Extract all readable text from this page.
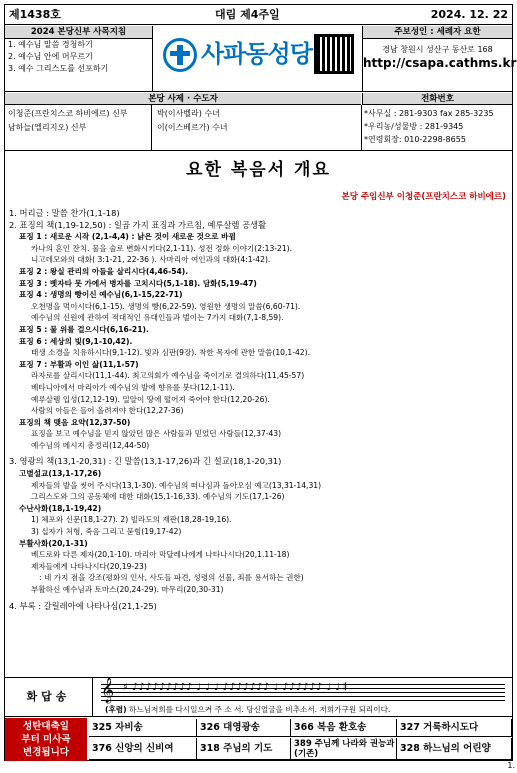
제1438호	대림 제4주일	2024. 12. 22
2024 본당신부 사목지침
1. 예수님 말씀 경청하기
2. 예수님 안에 머무르기
3. 예수 그리스도를 선포하기
사파동성당
주보성인 : 세례자 요한
경남 창원시 성산구 동산로 168
http://csapa.cathms.kr
본당 사제 · 수도자	전화번호
이청준(프란치스코 하비에르) 신부
남하늘(엘리지오) 신부
박(이사벨라) 수녀
이(이스베르가) 수녀
*사무실 : 281-9303 fax 285-3235
*우리농/성물방 : 281-9345
*연령회장: 010-2298-8655
요한 복음서 개요
본당 주임신부 이청준(프란치스코 하비에르)
1. 머리글 : 말씀 찬가(1,1-18)
2. 표징의 책(1,19-12,50) : 일곱 가지 표징과 가르침, 예루살렘 공생활
표징 1 : 새로운 시작 (2,1-4,4) : 낡은 것이 새로운 것으로 바뀜
카나의 혼인 잔치. 물을 술로 변화시키다(2,1-11). 성전 정화 이야기(2:13-21).
니고데모와의 대화( 3:1-21, 22-36 ). 사마리아 여인과의 대화(4:1-42).
표징 2 : 왕실 관리의 아들을 살리시다(4,46-54).
표징 3 : 벳자타 못 가에서 병자를 고치시다(5,1-18). 담화(5,19-47)
표징 4 : 생명의 빵이신 예수님(6,1-15,22-71)
오천명을 먹이시다(6,1-15). 생명의 빵(6,22-59). 영원한 생명의 말씀(6,60-71).
예수님의 신원에 관하여 적대적인 유대인들과 벌이는 7가지 대화(7,1-8,59).
표징 5 : 물 위를 걸으시다(6,16-21).
표징 6 : 세상의 빛(9,1-10,42).
태생 소경을 치유하시다(9,1-12). 빛과 심판(9장). 착한 목자에 관한 말씀(10,1-42).
표징 7 : 부활과 이인 삶(11,1-57)
라자로를 살리시다(11,1-44). 최고의회가 예수님을 죽이기로 결의하다(11,45-57)
베타니아에서 마리아가 예수님의 발에 향유를 붓다(12,1-11).
예루살렘 입성(12,12-19). 밀알이 땅에 떨어져 죽어야 한다(12,20-26).
사람의 아들은 들어 올려져야 한다(12,27-36)
표징의 책 맺음 요약(12,37-50)
표징을 보고 예수님을 믿지 않았던 많은 사람들과 믿었던 사람들(12,37-43)
예수님의 메시지 총정리(12,44-50)
3. 영광의 책(13,1-20,31) : 긴 말씀(13,1-17,26)과 긴 설교(18,1-20,31)
고별설교(13,1-17,26)
제자들의 발을 씻어 주시다(13,1-30). 예수님의 떠나심과 돌아오심 예고(13,31-14,31)
그리스도와 그의 공동체에 대한 대화(15,1-16,33). 예수님의 기도(17,1-26)
수난사화(18,1-19,42)
1) 체포와 신문(18,1-27). 2) 빌라도의 재판(18,28-19,16).
3) 십자가 처형, 죽음 그리고 묻힘(19,17-42)
부활사화(20,1-31)
베드로와 다른 제자(20,1-10). 마리아 막달레나에게 나타나시다(20,1.11-18)
제자들에게 나타나시다(20,19-23)
: 네 가지 점을 강조(평화의 인사, 사도들 파견, 성령의 선물, 죄를 용서하는 권한)
부활하신 예수님과 토마스(20,24-29). 마무리(20,30-31)
4. 부록 : 갈릴레아에 나타나심(21,1-25)
화답송	𝄞 ♯ ♪♪♪♪♪♪♪♪♪ ♩ ♩ ♩ ♪♪♪♪♪♪♪ ♩ ♪♪♪♪♪♪ ♩ ♩ 𝄂
(후렴) 하느님저희를 다시일으켜 주 소 서. 당신얼굴을 비추소서. 저희가구원 되리이다.
성탄대축일
부터 미사곡
변경됩니다
325 자비송	326 대영광송	366 복음 환호송	327 거룩하시도다
376 신앙의 신비여	318 주님의 기도	389 주님께 나라와 권능과 (기존)	328 하느님의 어린양
1.
